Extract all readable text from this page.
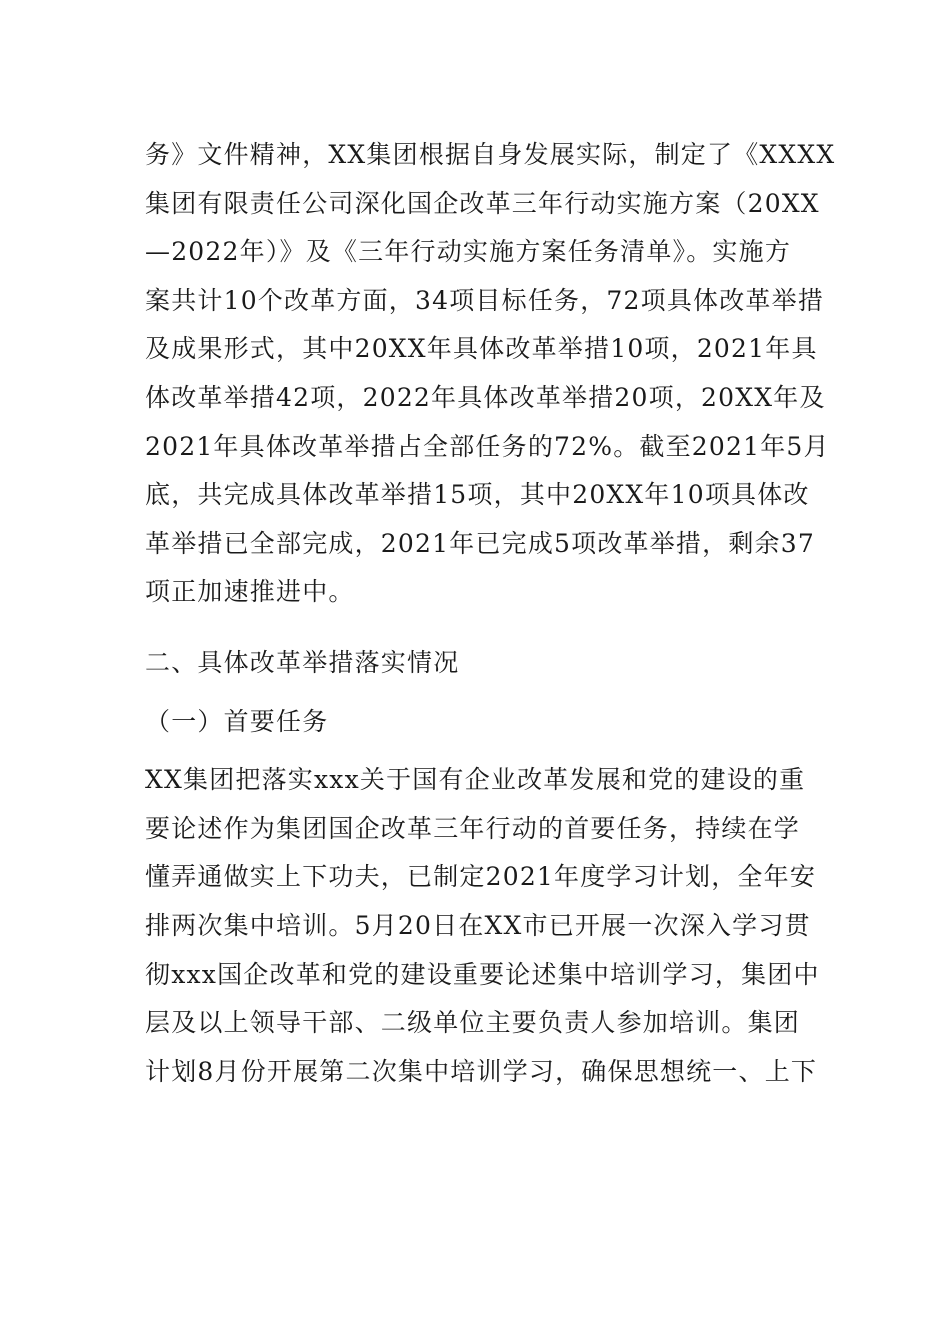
务》文件精神，XX集团根据自身发展实际，制定了《XXXX
集团有限责任公司深化国企改革三年行动实施方案（20XX
—2022年）》及《三年行动实施方案任务清单》。实施方
案共计10个改革方面，34项目标任务，72项具体改革举措
及成果形式，其中20XX年具体改革举措10项，2021年具
体改革举措42项，2022年具体改革举措20项，20XX年及
2021年具体改革举措占全部任务的72%。截至2021年5月
底，共完成具体改革举措15项，其中20XX年10项具体改
革举措已全部完成，2021年已完成5项改革举措，剩余37
项正加速推进中。

二、具体改革举措落实情况
（一）首要任务

XX集团把落实xxx关于国有企业改革发展和党的建设的重
要论述作为集团国企改革三年行动的首要任务，持续在学
懂弄通做实上下功夫，已制定2021年度学习计划，全年安
排两次集中培训。5月20日在XX市已开展一次深入学习贯
彻xxx国企改革和党的建设重要论述集中培训学习，集团中
层及以上领导干部、二级单位主要负责人参加培训。集团
计划8月份开展第二次集中培训学习，确保思想统一、上下
